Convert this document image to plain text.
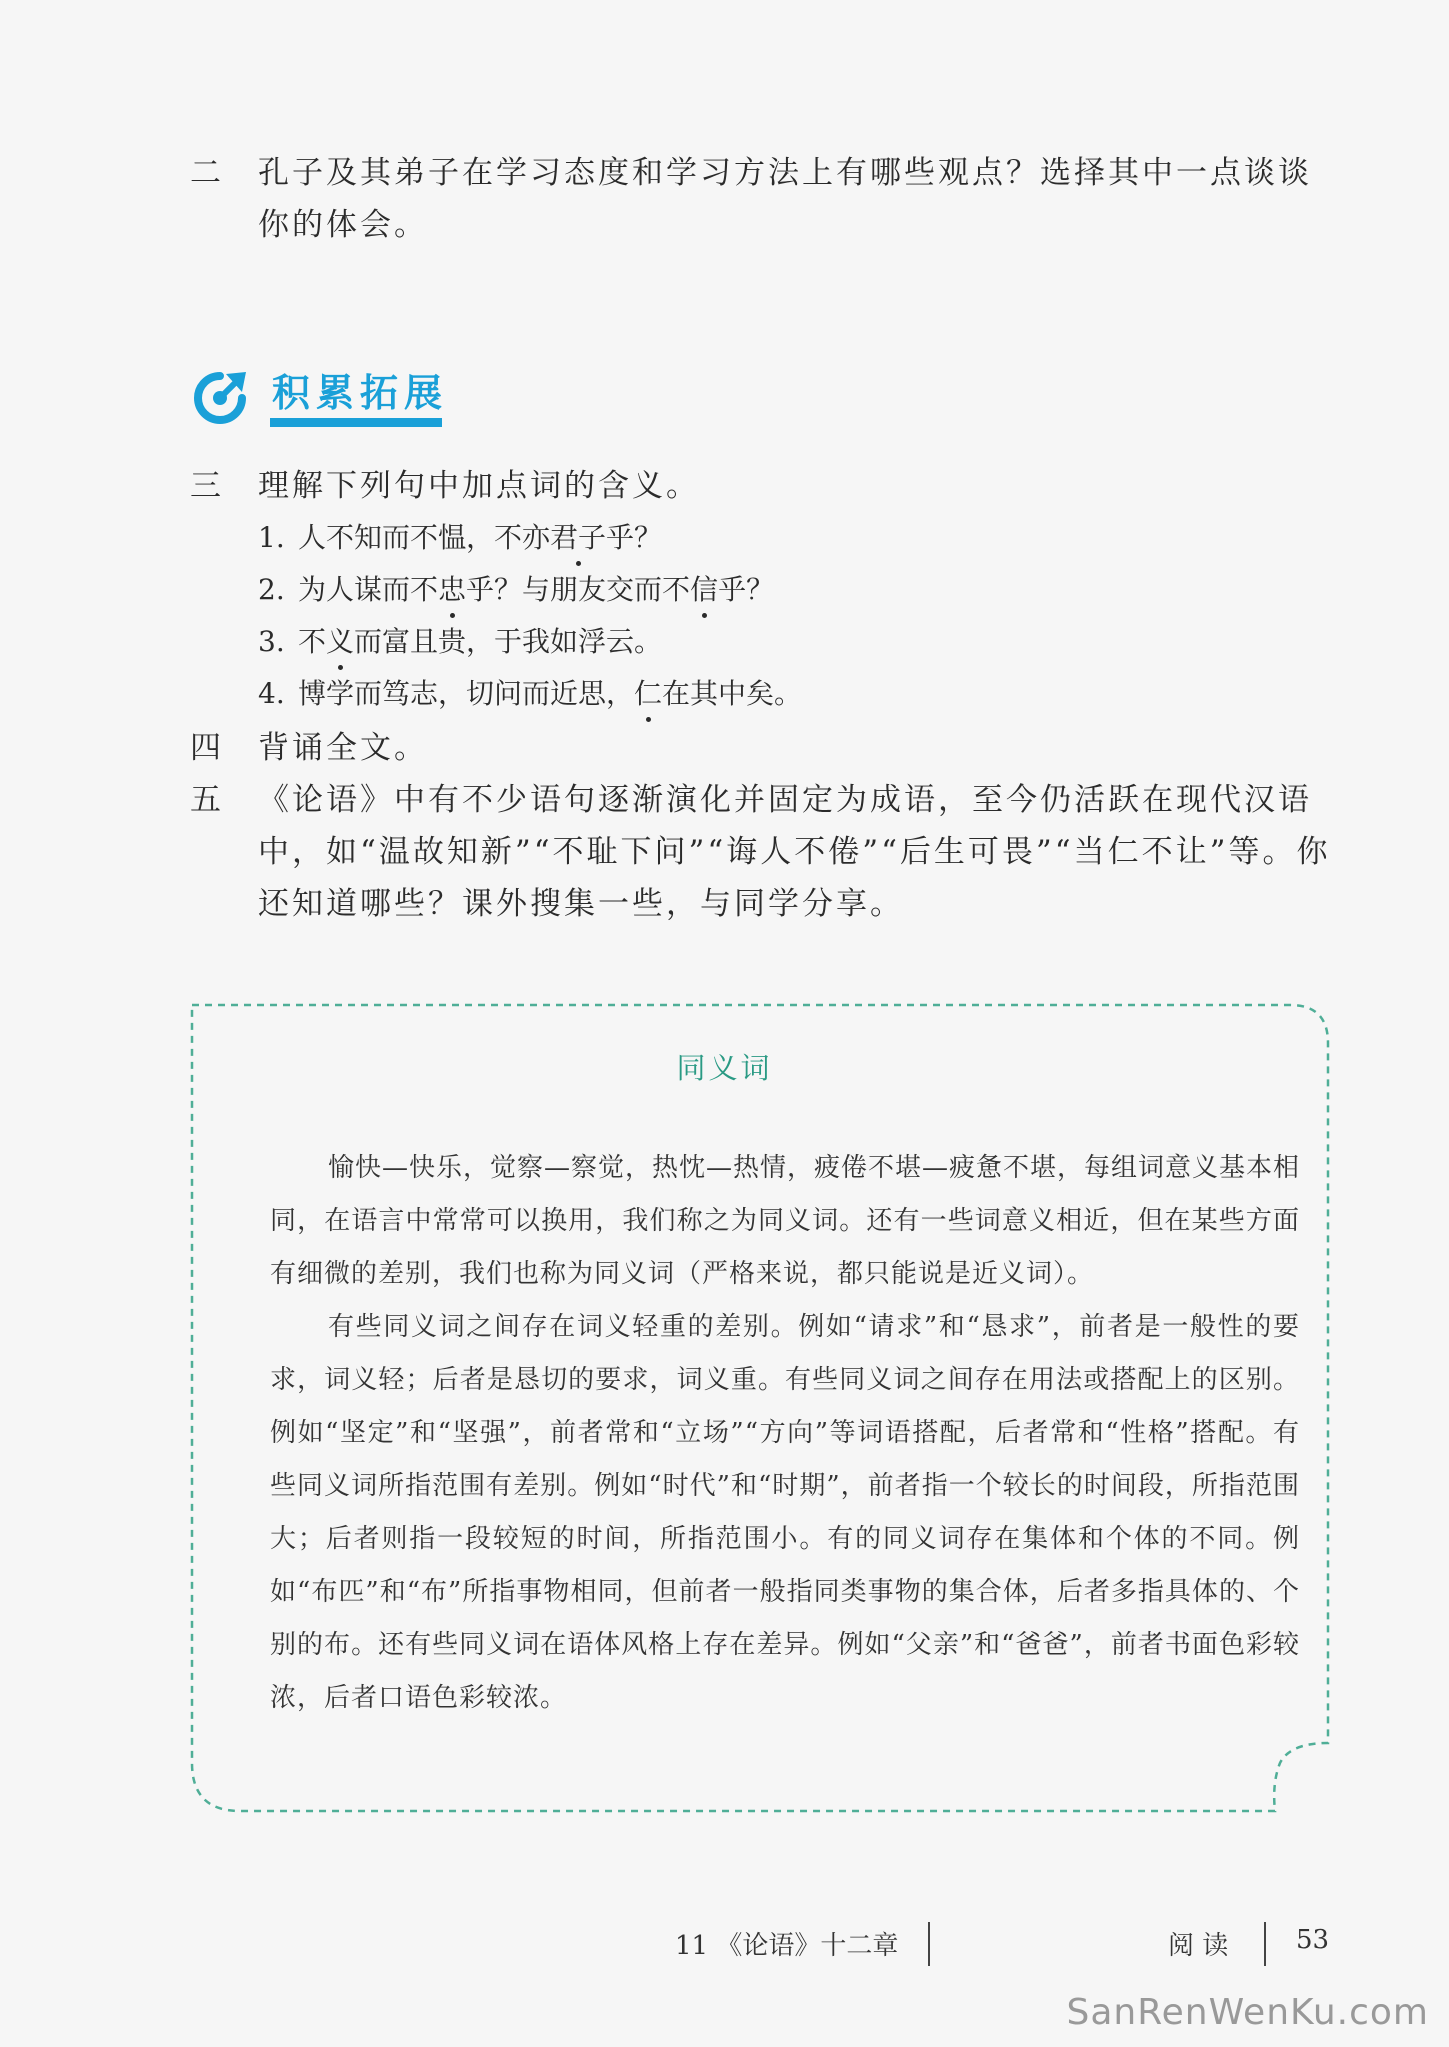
二	孔子及其弟子在学习态度和学习方法上有哪些观点？选择其中一点谈谈你的体会。
积累拓展
三	理解下列句中加点词的含义。
1. 人不知而不愠，不亦君子乎？
2. 为人谋而不忠乎？与朋友交而不信乎？
3. 不义而富且贵，于我如浮云。
4. 博学而笃志，切问而近思，仁在其中矣。
四	背诵全文。
五	《论语》中有不少语句逐渐演化并固定为成语，至今仍活跃在现代汉语中，如“温故知新”“不耻下问”“诲人不倦”“后生可畏”“当仁不让”等。你还知道哪些？课外搜集一些，与同学分享。
同义词
愉快—快乐，觉察—察觉，热忱—热情，疲倦不堪—疲惫不堪，每组词意义基本相同，在语言中常常可以换用，我们称之为同义词。还有一些词意义相近，但在某些方面有细微的差别，我们也称为同义词（严格来说，都只能说是近义词）。
有些同义词之间存在词义轻重的差别。例如“请求”和“恳求”，前者是一般性的要求，词义轻；后者是恳切的要求，词义重。有些同义词之间存在用法或搭配上的区别。例如“坚定”和“坚强”，前者常和“立场”“方向”等词语搭配，后者常和“性格”搭配。有些同义词所指范围有差别。例如“时代”和“时期”，前者指一个较长的时间段，所指范围大；后者则指一段较短的时间，所指范围小。有的同义词存在集体和个体的不同。例如“布匹”和“布”所指事物相同，但前者一般指同类事物的集合体，后者多指具体的、个别的布。还有些同义词在语体风格上存在差异。例如“父亲”和“爸爸”，前者书面色彩较浓，后者口语色彩较浓。
11 《论语》十二章	阅 读	53
SanRenWenKu.com
